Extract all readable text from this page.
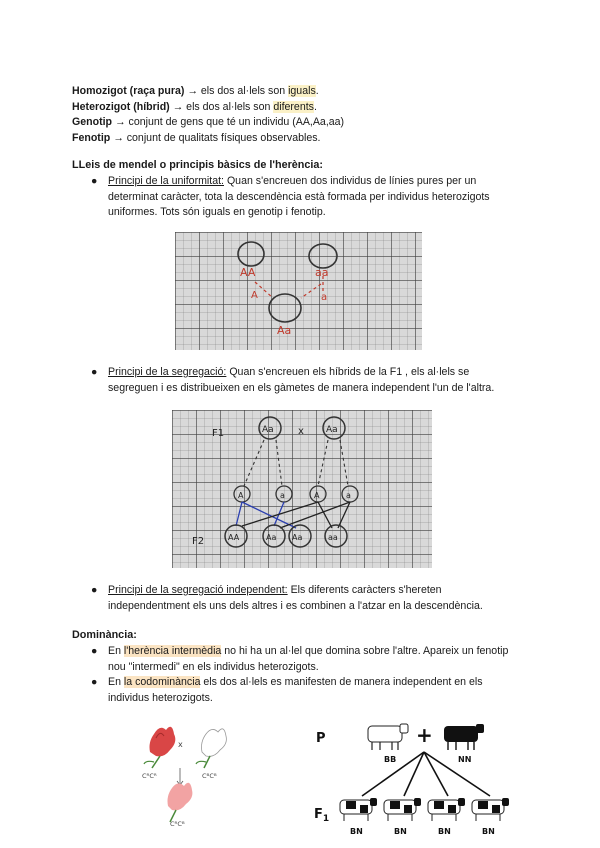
Homozigot (raça pura) → els dos al·lels son iguals.

Heterozigot (híbrid) → els dos al·lels son diferents.

Genotip → conjunt de gens que té un individu (AA,Aa,aa)

Fenotip → conjunt de qualitats físiques observables.

LLeis de mendel o principis bàsics de l'herència:
● Principi de la uniformitat: Quan s'encreuen dos individus de línies pures per un determinat caràcter, tota la descendència està formada per individus heterozigots uniformes. Tots són iguals en genotip i fenotip.
AA	aa
A	a
Aa
● Principi de la segregació: Quan s'encreuen els híbrids de la F1 , els al·lels se segreguen i es distribueixen en els gàmetes de manera independent l'un de l'altra.
F1	x
F2
Aa	Aa
A	a	A	a
AA	Aa Aa	aa
● Principi de la segregació independent: Els diferents caràcters s'hereten independentment els uns dels altres i es combinen a l'atzar en la descendència.
Dominància:
● En l'herència intermèdia no hi ha un al·lel que domina sobre l'altre. Apareix un fenotip nou "intermedi" en els individus heterozigots.
● En la codominància els dos al·lels es manifesten de manera independent en els individus heterozigots.
x
CᴿCᴿ	CᴮCᴮ
CᴿCᴮ
P
BB
+
NN
$F_1$
BN	BN	BN	BN
